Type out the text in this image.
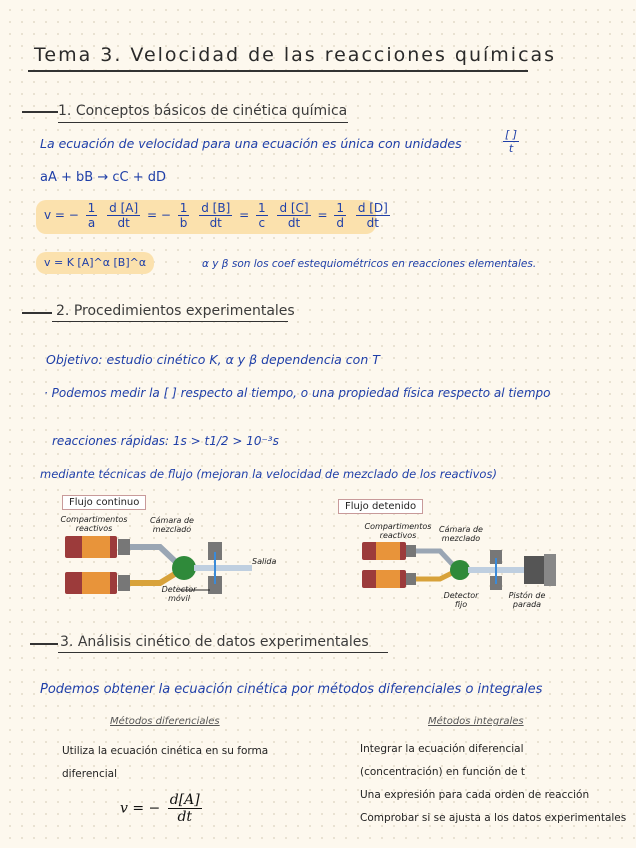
Tema 3. Velocidad de las reacciones químicas
1. Conceptos básicos de cinética química
La ecuación de velocidad para una ecuación es única con unidades	$\frac{[ ]}{t}$
aA + bB → cC + dD
v = − $\frac{1}{a}$
$\frac{d [A]}{dt}$ = − $\frac{1}{b}$
$\frac{d [B]}{dt} = \frac{1}{c}$
$\frac{d [C]}{dt} = \frac{1}{d}$
$\frac{d [D]}{dt}$
v = K [A]^α [B]^α	α y β son los coef estequiométricos en reacciones elementales.
2. Procedimientos experimentales
Objetivo: estudio cinético K, α y β dependencia con T
· Podemos medir la [ ] respecto al tiempo, o una propiedad física respecto al tiempo
reacciones rápidas: 1s > t1/2 > 10⁻³s
mediante técnicas de flujo (mejoran la velocidad de mezclado de los reactivos)
Flujo continuo
Compartimentos reactivos
Cámara de mezclado
Salida
Detector móvil
Flujo detenido
Compartimentos reactivos
Cámara de mezclado
Detector fijo
Pistón de parada
3. Análisis cinético de datos experimentales
Podemos obtener la ecuación cinética por métodos diferenciales o integrales
Métodos diferenciales	Métodos integrales
Utiliza la ecuación cinética en su forma
diferencial
v = − $\frac{d[A]}{dt}$
Integrar la ecuación diferencial
(concentración) en función de t
Una expresión para cada orden de reacción
Comprobar si se ajusta a los datos experimentales
